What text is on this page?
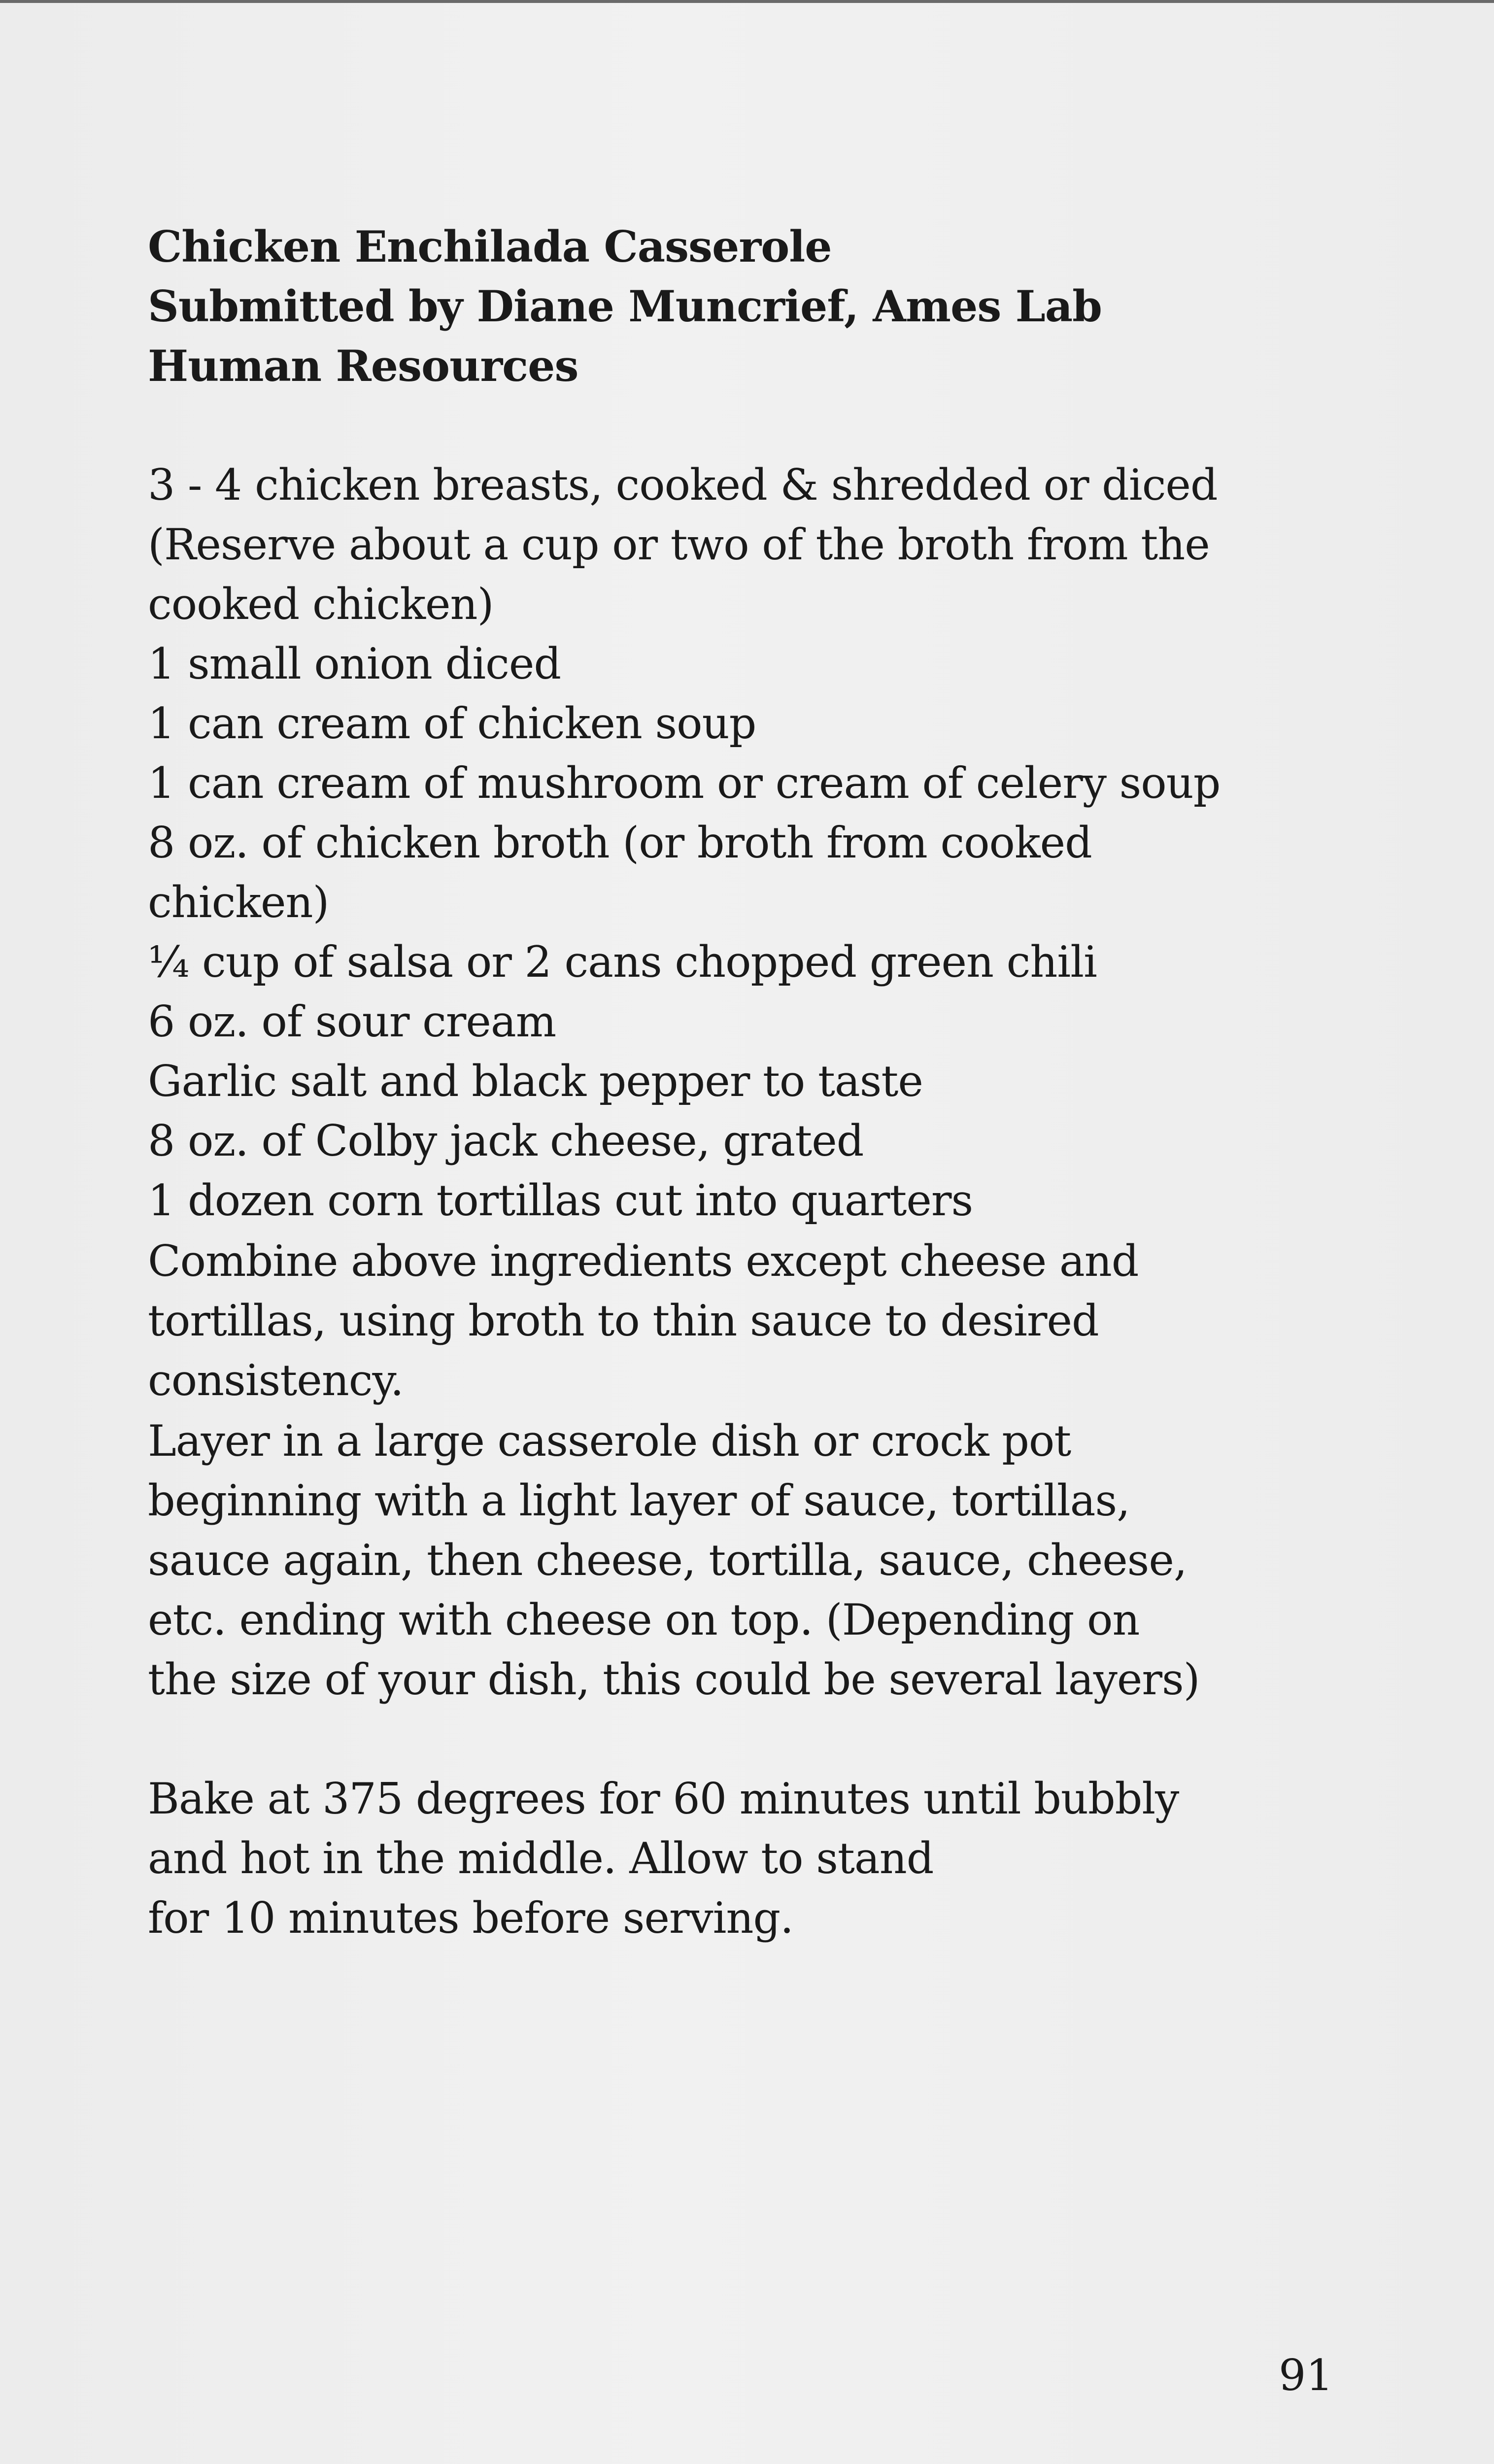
Chicken Enchilada Casserole
Submitted by Diane Muncrief, Ames Lab
Human Resources
3 - 4 chicken breasts, cooked & shredded or diced
(Reserve about a cup or two of the broth from the
cooked chicken)
1 small onion diced
1 can cream of chicken soup
1 can cream of mushroom or cream of celery soup
8 oz. of chicken broth (or broth from cooked
chicken)
¼ cup of salsa or 2 cans chopped green chili
6 oz. of sour cream
Garlic salt and black pepper to taste
8 oz. of Colby jack cheese, grated
1 dozen corn tortillas cut into quarters
Combine above ingredients except cheese and
tortillas, using broth to thin sauce to desired
consistency.
Layer in a large casserole dish or crock pot
beginning with a light layer of sauce, tortillas,
sauce again, then cheese, tortilla, sauce, cheese,
etc. ending with cheese on top. (Depending on
the size of your dish, this could be several layers)
Bake at 375 degrees for 60 minutes until bubbly
and hot in the middle. Allow to stand
for 10 minutes before serving.
91
